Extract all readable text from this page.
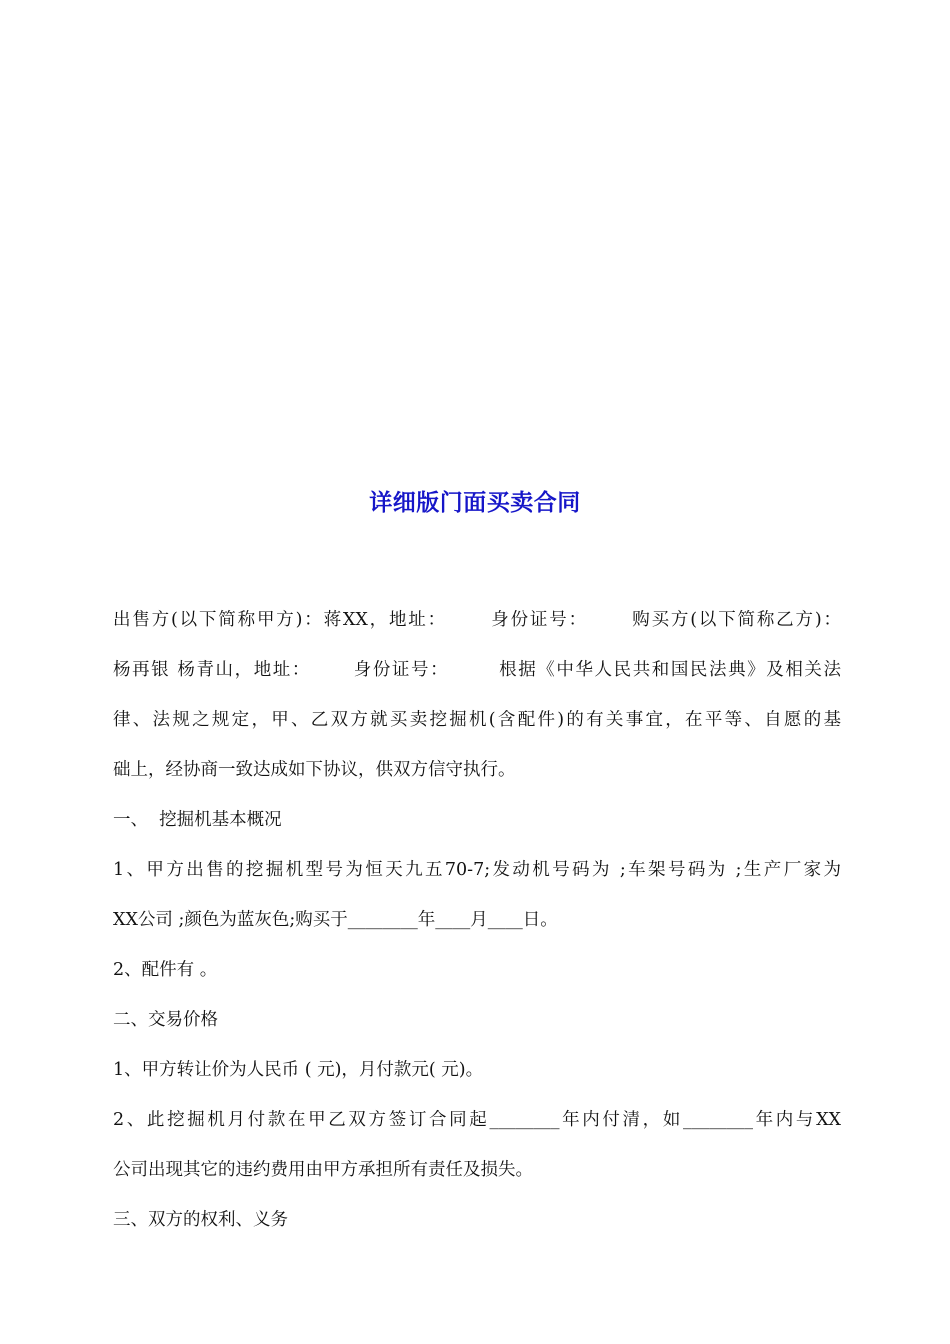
详细版门面买卖合同
出售方(以下简称甲方)：蒋XX，地址：      身份证号：      购买方(以下简称乙方)：
杨再银 杨青山，地址：      身份证号：       根据《中华人民共和国民法典》及相关法
律、法规之规定，甲、乙双方就买卖挖掘机(含配件)的有关事宜，在平等、自愿的基
础上，经协商一致达成如下协议，供双方信守执行。
一、  挖掘机基本概况
1、甲方出售的挖掘机型号为恒天九五70-7;发动机号码为 ;车架号码为 ;生产厂家为
XX公司 ;颜色为蓝灰色;购买于________年____月____日。
2、配件有 。
二、交易价格
1、甲方转让价为人民币 ( 元)，月付款元( 元)。
2、此挖掘机月付款在甲乙双方签订合同起________年内付清，如________年内与XX
公司出现其它的违约费用由甲方承担所有责任及损失。
三、双方的权利、义务
